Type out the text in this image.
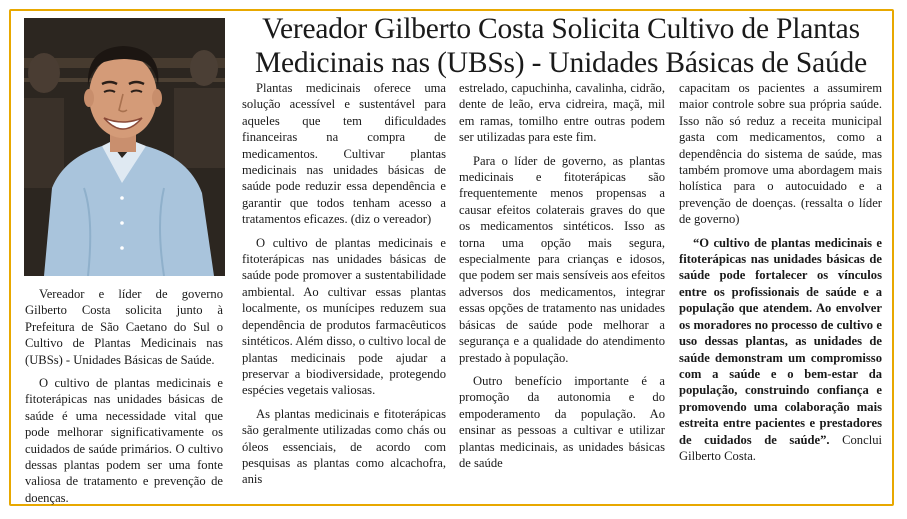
Vereador Gilberto Costa Solicita Cultivo de Plantas
Medicinais nas (UBSs) - Unidades Básicas de Saúde

Vereador e líder de governo Gilberto Costa solicita junto à Prefeitura de São Caetano do Sul o Cultivo de Plantas Medicinais nas (UBSs) - Unidades Básicas de Saúde.

O cultivo de plantas medicinais e fitoterápicas nas unidades básicas de saúde é uma necessidade vital que pode melhorar significativamente os cuidados de saúde primários. O cultivo dessas plantas podem ser uma fonte valiosa de tratamento e prevenção de doenças.

Plantas medicinais oferece uma solução acessível e sustentável para aqueles que tem dificuldades financeiras na compra de medicamentos. Cultivar plantas medicinais nas unidades básicas de saúde pode reduzir essa dependência e garantir que todos tenham acesso a tratamentos eficazes. (diz o vereador)

O cultivo de plantas medicinais e fitoterápicas nas unidades básicas de saúde pode promover a sustentabilidade ambiental. Ao cultivar essas plantas localmente, os munícipes reduzem sua dependência de produtos farmacêuticos sintéticos. Além disso, o cultivo local de plantas medicinais pode ajudar a preservar a biodiversidade, protegendo espécies vegetais valiosas.

As plantas medicinais e fitoterápicas são geralmente utilizadas como chás ou óleos essenciais, de acordo com pesquisas as plantas como alcachofra, anis

estrelado, capuchinha, cavalinha, cidrão, dente de leão, erva cidreira, maçã, mil em ramas, tomilho entre outras podem ser utilizadas para este fim.

Para o líder de governo, as plantas medicinais e fitoterápicas são frequentemente menos propensas a causar efeitos colaterais graves do que os medicamentos sintéticos. Isso as torna uma opção mais segura, especialmente para crianças e idosos, que podem ser mais sensíveis aos efeitos adversos dos medicamentos, integrar essas opções de tratamento nas unidades básicas de saúde pode melhorar a segurança e a qualidade do atendimento prestado à população.

Outro benefício importante é a promoção da autonomia e do empoderamento da população. Ao ensinar as pessoas a cultivar e utilizar plantas medicinais, as unidades básicas de saúde

capacitam os pacientes a assumirem maior controle sobre sua própria saúde. Isso não só reduz a receita municipal gasta com medicamentos, como a dependência do sistema de saúde, mas também promove uma abordagem mais holística para o autocuidado e a prevenção de doenças. (ressalta o líder de governo)

“O cultivo de plantas medicinais e fitoterápicas nas unidades básicas de saúde pode fortalecer os vínculos entre os profissionais de saúde e a população que atendem. Ao envolver os moradores no processo de cultivo e uso dessas plantas, as unidades de saúde demonstram um compromisso com a saúde e o bem-estar da população, construindo confiança e promovendo uma colaboração mais estreita entre pacientes e prestadores de cuidados de saúde”. Conclui Gilberto Costa.
